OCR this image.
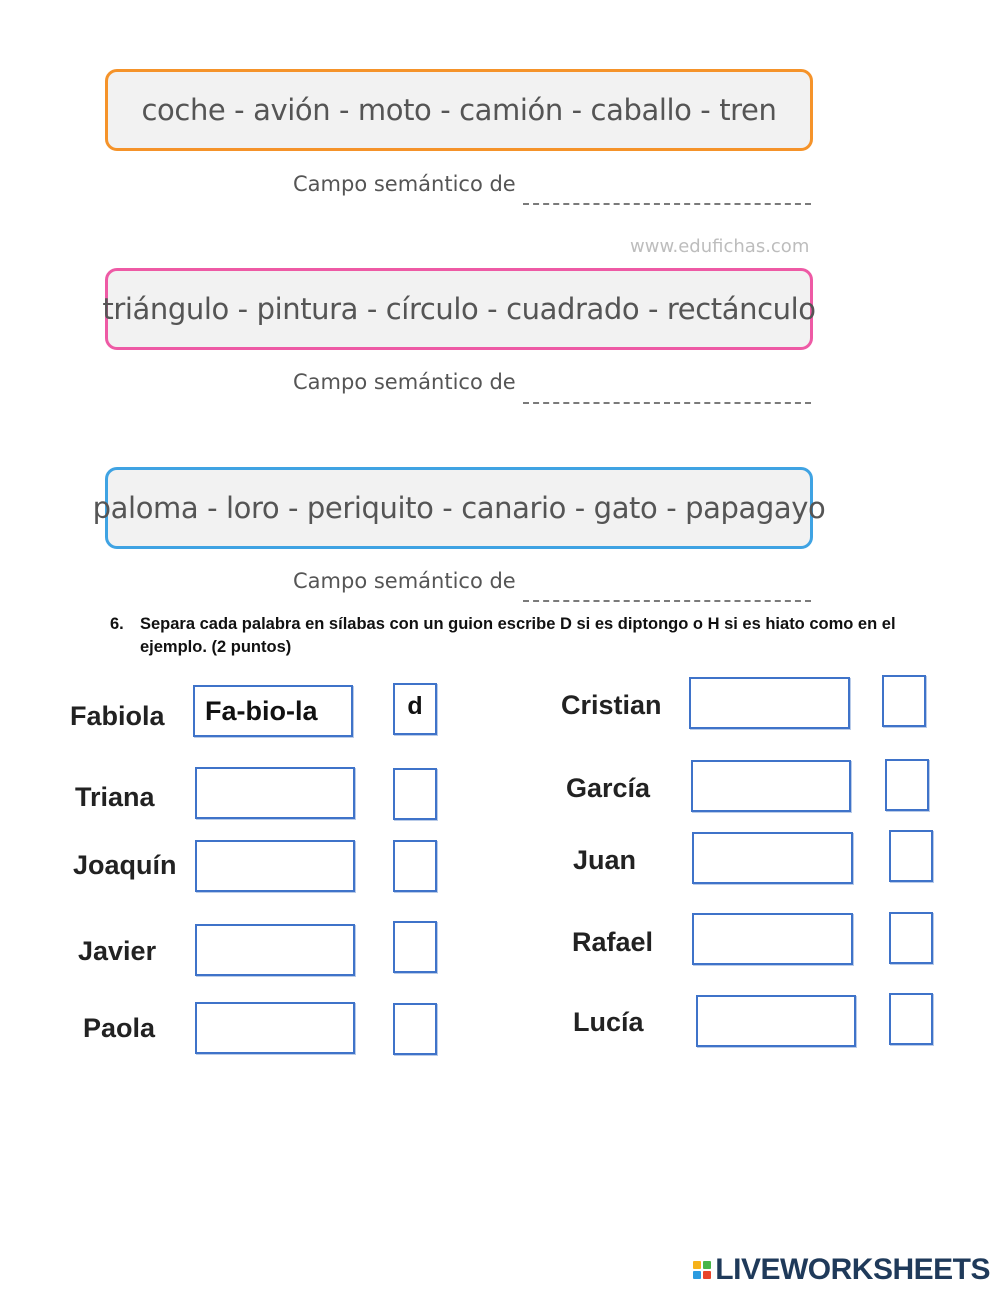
coche - avión - moto - camión - caballo - tren
Campo semántico de
www.edufichas.com
triángulo - pintura - círculo - cuadrado - rectánculo
Campo semántico de
paloma - loro - periquito - canario - gato - papagayo
Campo semántico de
6. Separa cada palabra en sílabas con un guion escribe D si es diptongo o H si es hiato como en el ejemplo. (2 puntos)
Fabiola	Fa-bio-la	d
Triana
Joaquín
Javier
Paola
Cristian
García
Juan
Rafael
Lucía
LIVEWORKSHEETS
